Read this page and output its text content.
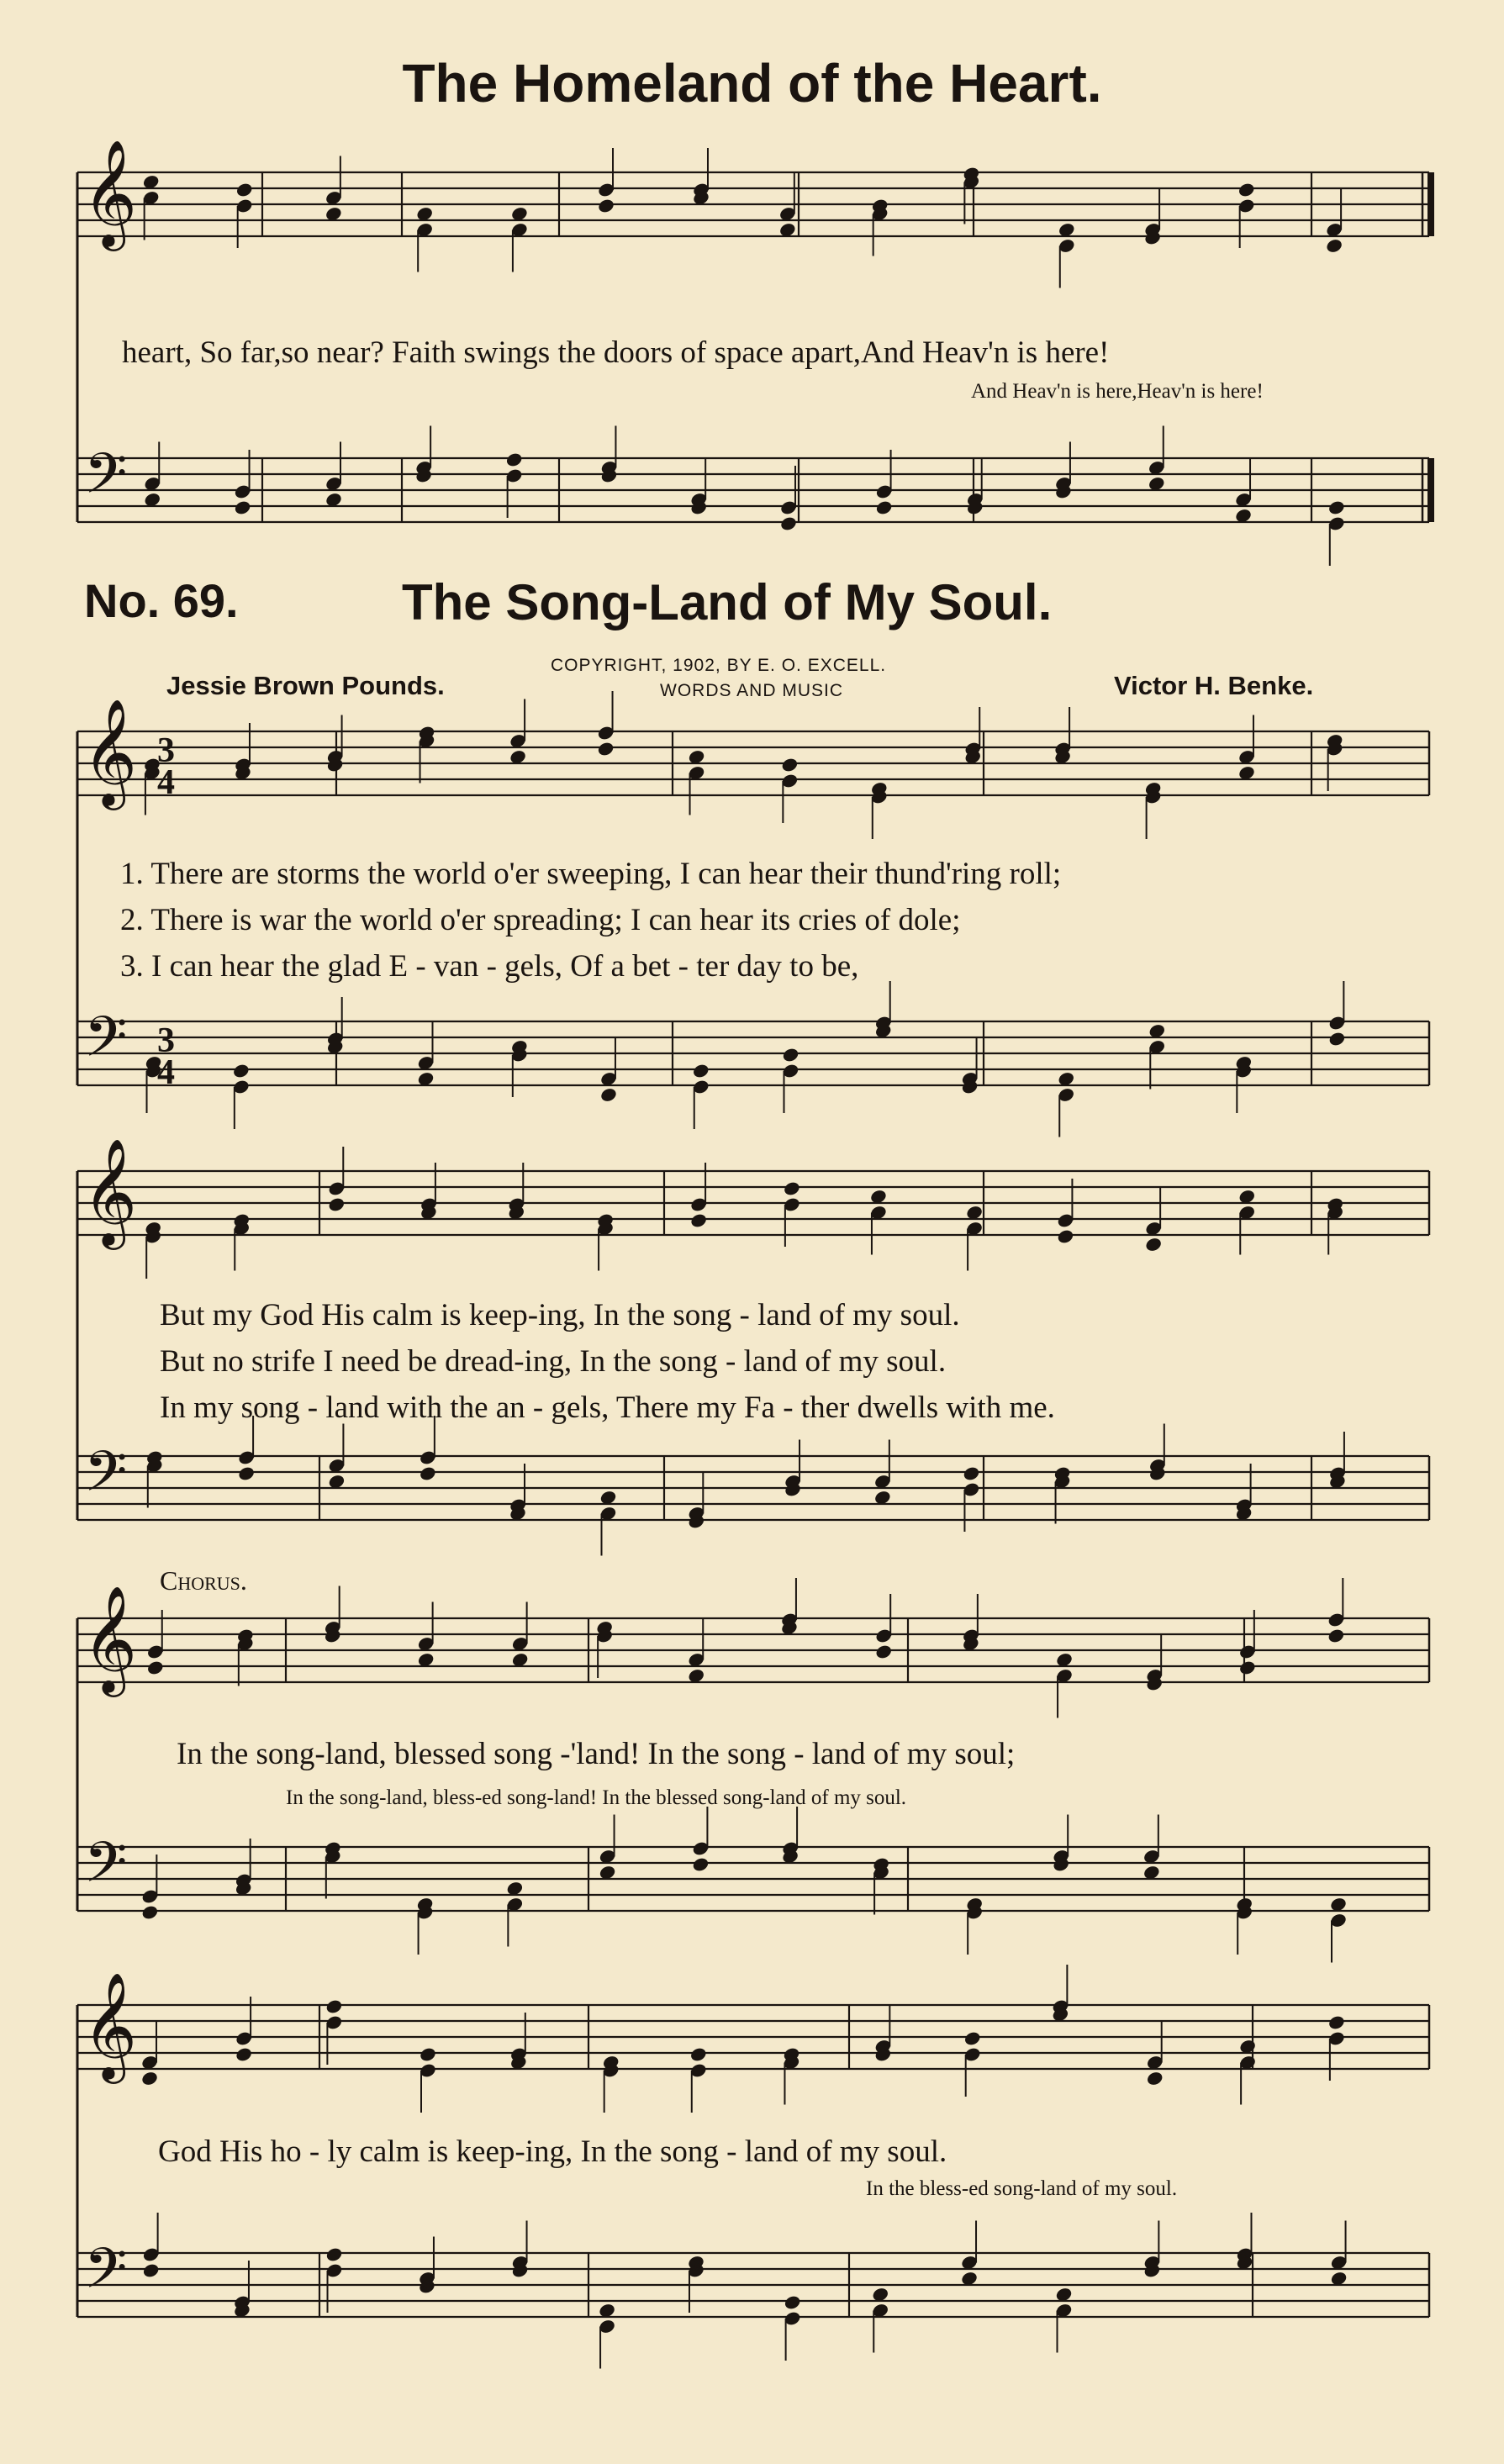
The Homeland of the Heart.
heart, So far,so near? Faith swings the doors of space apart,And Heav'n is here!
And Heav'n is here,Heav'n is here!
No. 69.	The Song-Land of My Soul.
COPYRIGHT, 1902, BY E. O. EXCELL.
WORDS AND MUSIC
Jessie Brown Pounds.	Victor H. Benke.
1. There are storms the world o'er sweeping, I can hear their thund'ring roll;
2. There is war the world o'er spreading; I can hear its cries of dole;
3. I can hear the glad E - van - gels, Of a bet - ter day to be,
But my God His calm is keep-ing, In the song - land of my soul.
But no strife I need be dread-ing, In the song - land of my soul.
In my song - land with the an - gels, There my Fa - ther dwells with me.
Chorus.
In the song-land, blessed song -'land! In the song - land of my soul;
In the song-land, bless-ed song-land! In the blessed song-land of my soul.
God His ho - ly calm is keep-ing, In the song - land of my soul.
In the bless-ed song-land of my soul.
𝄞
𝄢
𝄞
𝄢
𝄞
𝄢
𝄞
𝄢
𝄞
𝄢
3
3
4
4
